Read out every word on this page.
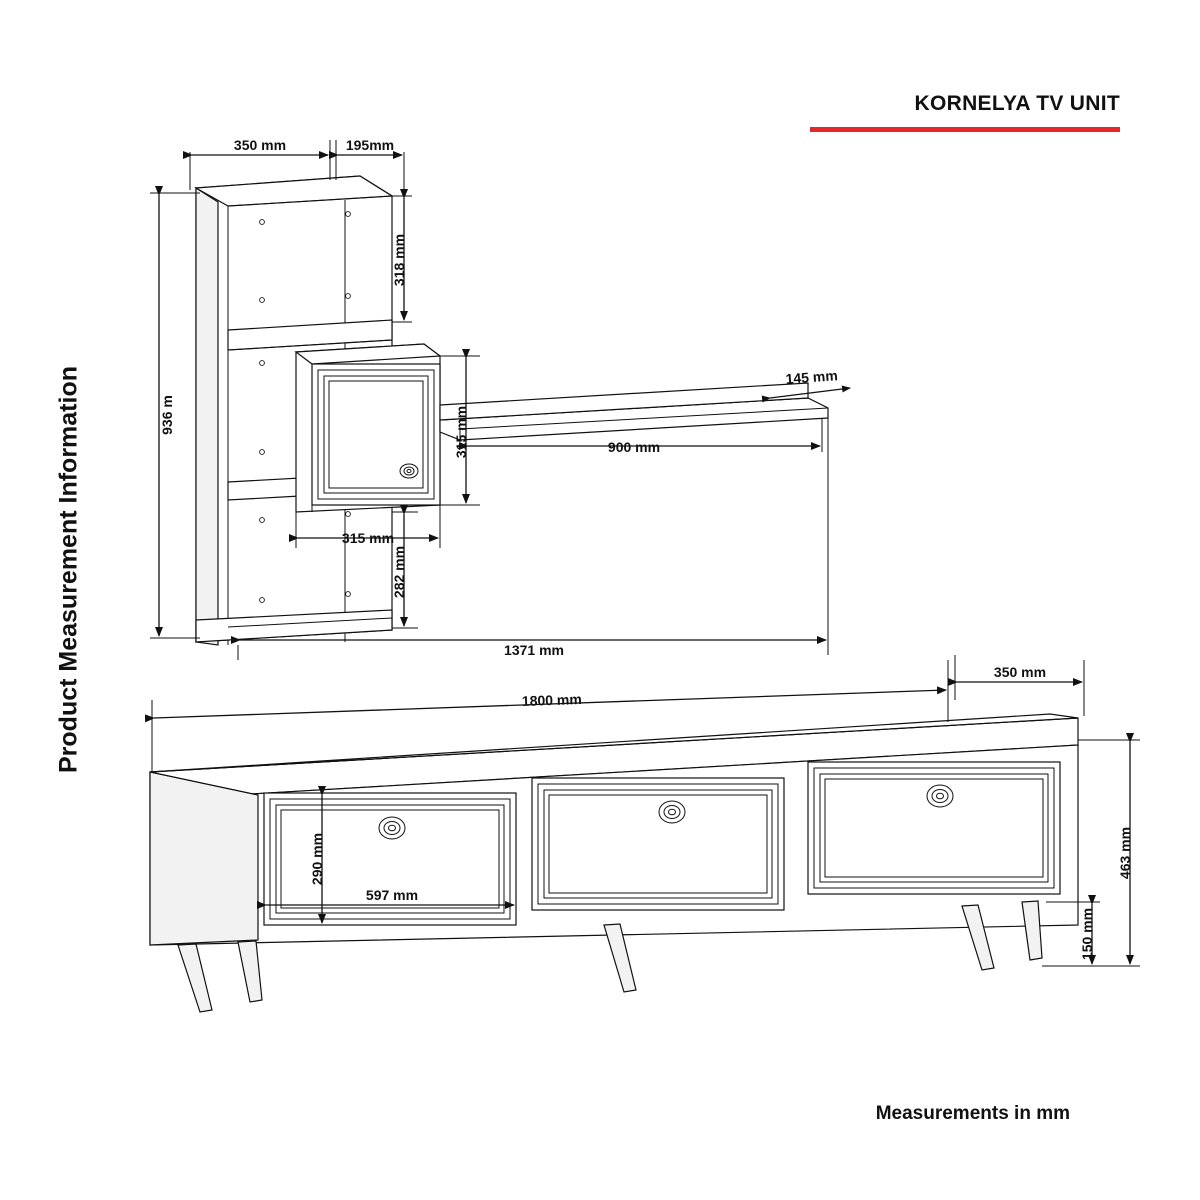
KORNELYA TV UNIT
Product Measurement Information
Measurements in mm
350 mm	195mm
318 mm
936 m	315 mm
315 mm
282 mm
145 mm
900 mm
1371 mm
1800 mm
350 mm
463 mm
150 mm
290 mm
597 mm
